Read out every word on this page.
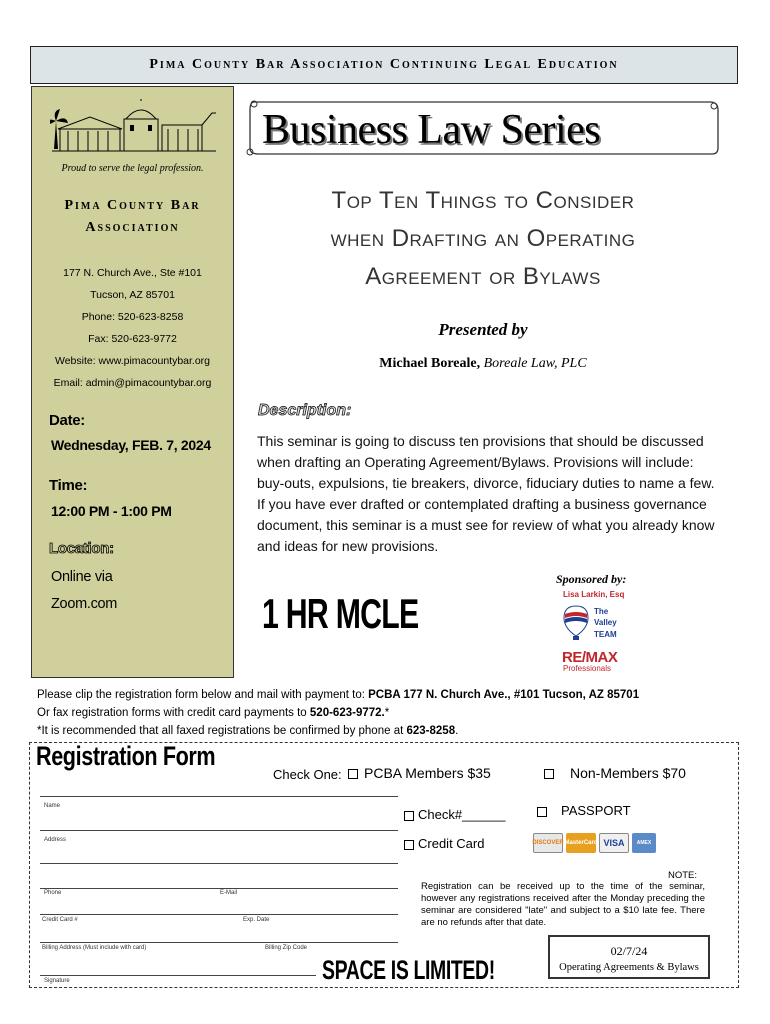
Pima County Bar Association Continuing Legal Education
Proud to serve the legal profession.
Pima County Bar
Association
177 N. Church Ave., Ste #101
Tucson, AZ 85701
Phone: 520-623-8258
Fax: 520-623-9772
Website: www.pimacountybar.org
Email: admin@pimacountybar.org
Date:
Wednesday, FEB. 7, 2024
Time:
12:00 PM - 1:00 PM
Location:
Online via
Zoom.com
Business Law Series
Top Ten Things to Consider
when Drafting an Operating
Agreement or Bylaws
Presented by
Michael Boreale, Boreale Law, PLC
Description:
This seminar is going to discuss ten provisions that should be discussed when drafting an Operating Agreement/Bylaws. Provisions will include: buy-outs, expulsions, tie breakers, divorce, fiduciary duties to name a few. If you have ever drafted or contemplated drafting a business governance document, this seminar is a must see for review of what you already know and ideas for new provisions.
1 HR MCLE
Sponsored by:
Lisa Larkin, Esq
The
Valley
TEAM
RE/MAX
Professionals
Please clip the registration form below and mail with payment to: PCBA 177 N. Church Ave., #101 Tucson, AZ 85701
Or fax registration forms with credit card payments to 520-623-9772.*
*It is recommended that all faxed registrations be confirmed by phone at 623-8258.
Registration Form
Check One:	PCBA Members $35	Non-Members $70
Check#______	PASSPORT
Credit Card	DISCOVER MasterCard VISA	AMEX
Name
Address
Phone	E-Mail
Credit Card #	Exp. Date
Billing Address (Must include with card)	Billing Zip Code
Signature
NOTE:
Registration can be received up to the time of the seminar, however any registrations received after the Monday preceding the seminar are considered "late" and subject to a $10 late fee. There are no refunds after that date.
SPACE IS LIMITED!
02/7/24
Operating Agreements & Bylaws
